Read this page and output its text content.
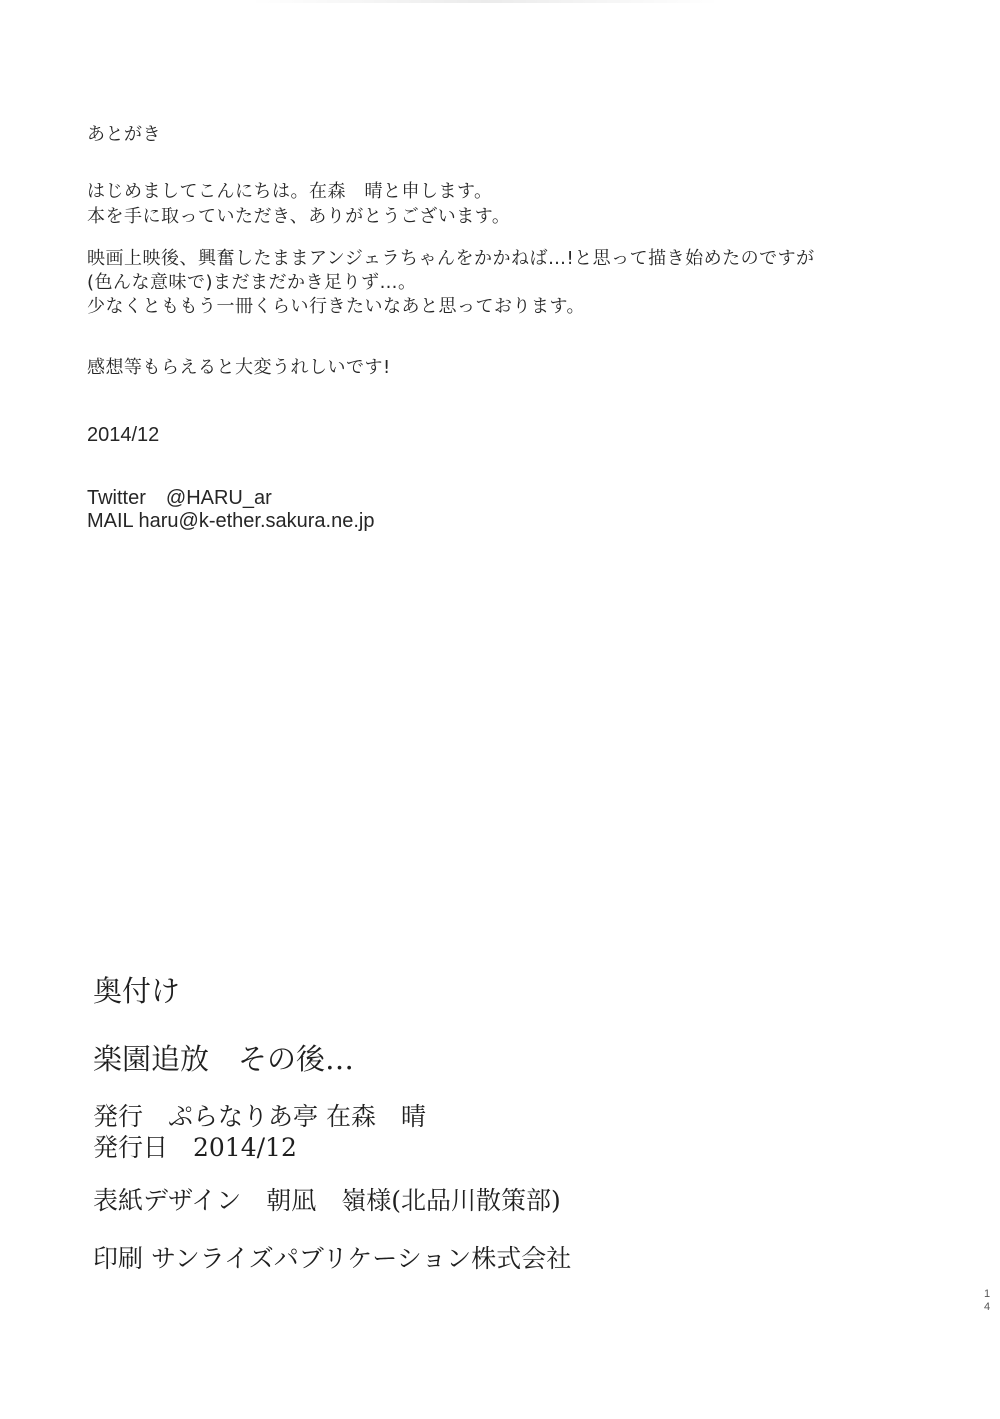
あとがき
はじめましてこんにちは。在森　晴と申します。
本を手に取っていただき、ありがとうございます。
映画上映後、興奮したままアンジェラちゃんをかかねば…!と思って描き始めたのですが
(色んな意味で)まだまだかき足りず…。
少なくとももう一冊くらい行きたいなあと思っております。
感想等もらえると大変うれしいです!
2014/12
Twitter　@HARU_ar
MAIL haru@k-ether.sakura.ne.jp
奥付け
楽園追放　その後…
発行　ぷらなりあ亭 在森　晴
発行日　2014/12
表紙デザイン　朝凪　嶺様(北品川散策部)
印刷 サンライズパブリケーション株式会社
1
4
